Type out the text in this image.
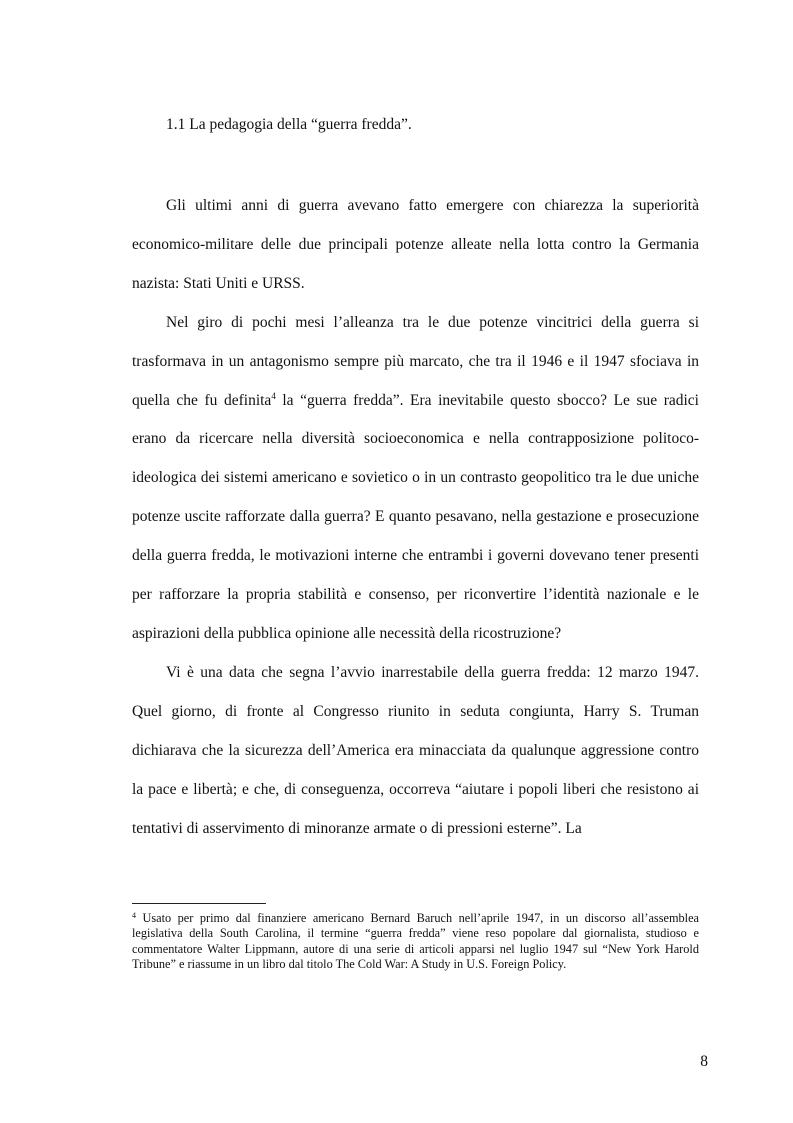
1.1 La pedagogia della “guerra fredda”.

Gli ultimi anni di guerra avevano fatto emergere con chiarezza la superiorità economico-militare delle due principali potenze alleate nella lotta contro la Germania nazista: Stati Uniti e URSS.

Nel giro di pochi mesi l’alleanza tra le due potenze vincitrici della guerra si trasformava in un antagonismo sempre più marcato, che tra il 1946 e il 1947 sfociava in quella che fu definita$^4$ la “guerra fredda”. Era inevitabile questo sbocco? Le sue radici erano da ricercare nella diversità socioeconomica e nella contrapposizione politoco-ideologica dei sistemi americano e sovietico o in un contrasto geopolitico tra le due uniche potenze uscite rafforzate dalla guerra? E quanto pesavano, nella gestazione e prosecuzione della guerra fredda, le motivazioni interne che entrambi i governi dovevano tener presenti per rafforzare la propria stabilità e consenso, per riconvertire l’identità nazionale e le aspirazioni della pubblica opinione alle necessità della ricostruzione?

Vi è una data che segna l’avvio inarrestabile della guerra fredda: 12 marzo 1947. Quel giorno, di fronte al Congresso riunito in seduta congiunta, Harry S. Truman dichiarava che la sicurezza dell’America era minacciata da qualunque aggressione contro la pace e libertà; e che, di conseguenza, occorreva “aiutare i popoli liberi che resistono ai tentativi di asservimento di minoranze armate o di pressioni esterne”. La

$^4$ Usato per primo dal finanziere americano Bernard Baruch nell’aprile 1947, in un discorso all’assemblea legislativa della South Carolina, il termine “guerra fredda” viene reso popolare dal giornalista, studioso e commentatore Walter Lippmann, autore di una serie di articoli apparsi nel luglio 1947 sul “New York Harold Tribune” e riassume in un libro dal titolo The Cold War: A Study in U.S. Foreign Policy.

8
